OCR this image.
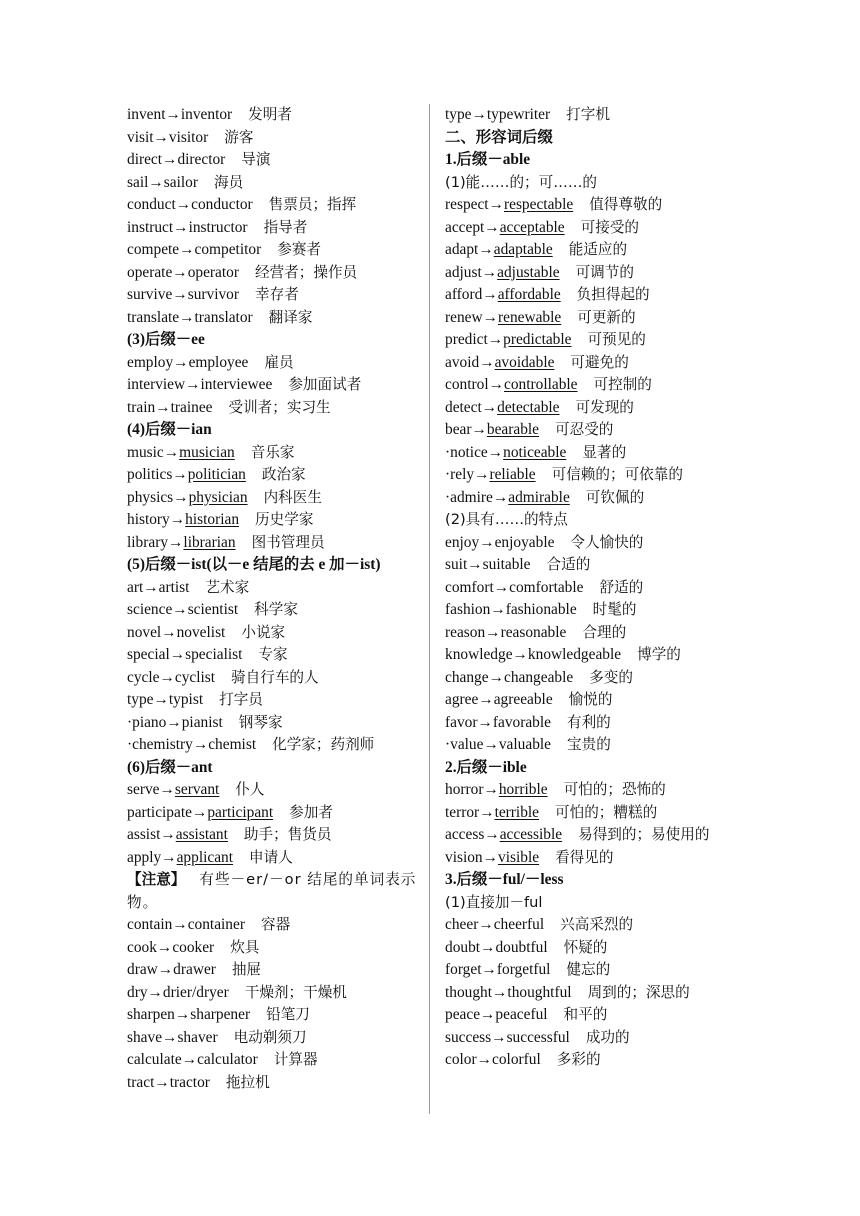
invent→inventor 发明者
visit→visitor 游客
direct→director 导演
sail→sailor 海员
conduct→conductor 售票员；指挥
instruct→instructor 指导者
compete→competitor 参赛者
operate→operator 经营者；操作员
survive→survivor 幸存者
translate→translator 翻译家
(3)后缀－ee
employ→employee 雇员
interview→interviewee 参加面试者
train→trainee 受训者；实习生
(4)后缀－ian
music→musician 音乐家
politics→politician 政治家
physics→physician 内科医生
history→historian 历史学家
library→librarian 图书管理员
(5)后缀－ist(以－e 结尾的去 e 加－ist)
art→artist 艺术家
science→scientist 科学家
novel→novelist 小说家
special→specialist 专家
cycle→cyclist 骑自行车的人
type→typist 打字员
·piano→pianist 钢琴家
·chemistry→chemist 化学家；药剂师
(6)后缀－ant
serve→servant 仆人
participate→participant 参加者
assist→assistant 助手；售货员
apply→applicant 申请人
【注意】 有些－er/－or 结尾的单词表示物。
contain→container 容器
cook→cooker 炊具
draw→drawer 抽屉
dry→drier/dryer 干燥剂；干燥机
sharpen→sharpener 铅笔刀
shave→shaver 电动剃须刀
calculate→calculator 计算器
tract→tractor 拖拉机
type→typewriter 打字机
二、形容词后缀
1.后缀－able
(1)能……的；可……的
respect→respectable 值得尊敬的
accept→acceptable 可接受的
adapt→adaptable 能适应的
adjust→adjustable 可调节的
afford→affordable 负担得起的
renew→renewable 可更新的
predict→predictable 可预见的
avoid→avoidable 可避免的
control→controllable 可控制的
detect→detectable 可发现的
bear→bearable 可忍受的
·notice→noticeable 显著的
·rely→reliable 可信赖的；可依靠的
·admire→admirable 可钦佩的
(2)具有……的特点
enjoy→enjoyable 令人愉快的
suit→suitable 合适的
comfort→comfortable 舒适的
fashion→fashionable 时髦的
reason→reasonable 合理的
knowledge→knowledgeable 博学的
change→changeable 多变的
agree→agreeable 愉悦的
favor→favorable 有利的
·value→valuable 宝贵的
2.后缀－ible
horror→horrible 可怕的；恐怖的
terror→terrible 可怕的；糟糕的
access→accessible 易得到的；易使用的
vision→visible 看得见的
3.后缀－ful/－less
(1)直接加－ful
cheer→cheerful 兴高采烈的
doubt→doubtful 怀疑的
forget→forgetful 健忘的
thought→thoughtful 周到的；深思的
peace→peaceful 和平的
success→successful 成功的
color→colorful 多彩的
